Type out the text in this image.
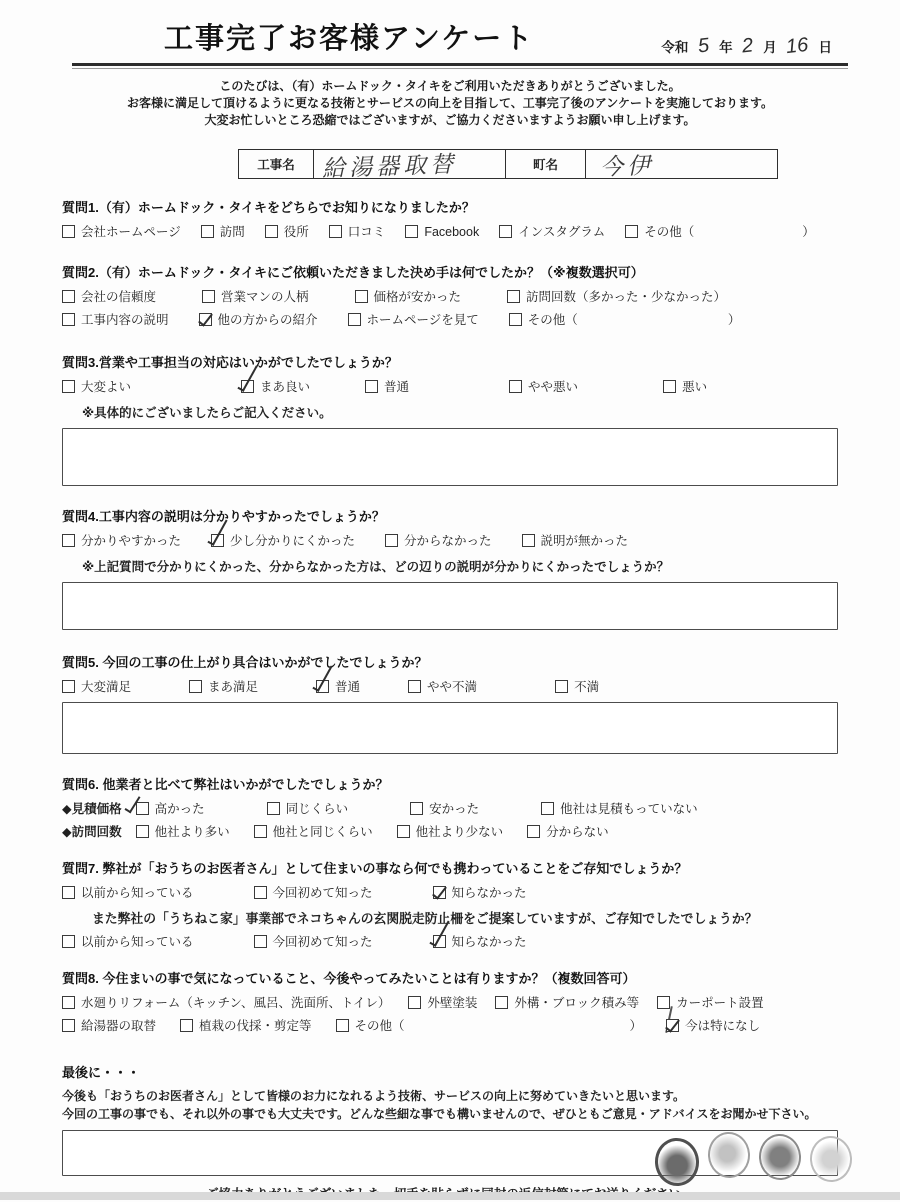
工事完了お客様アンケート	令和 5 年 2 月 16 日
このたびは、（有）ホームドック・タイキをご利用いただきありがとうございました。
お客様に満足して頂けるように更なる技術とサービスの向上を目指して、工事完了後のアンケートを実施しております。
大変お忙しいところ恐縮ではございますが、ご協力くださいますようお願い申し上げます。
工事名	給湯器取替	町名	今伊
質問1.（有）ホームドック・タイキをどちらでお知りになりましたか？
会社ホームページ	訪問	役所	口コミ	Facebook	インスタグラム	その他（	）
質問2.（有）ホームドック・タイキにご依頼いただきました決め手は何でしたか？（※複数選択可）
会社の信頼度	営業マンの人柄	価格が安かった	訪問回数（多かった・少なかった）
工事内容の説明	他の方からの紹介	ホームページを見て	その他（	）
質問3.営業や工事担当の対応はいかがでしたでしょうか？
大変よい	まあ良い	普通	やや悪い	悪い
※具体的にございましたらご記入ください。
質問4.工事内容の説明は分かりやすかったでしょうか？
分かりやすかった	少し分かりにくかった	分からなかった	説明が無かった
※上記質問で分かりにくかった、分からなかった方は、どの辺りの説明が分かりにくかったでしょうか？
質問5. 今回の工事の仕上がり具合はいかがでしたでしょうか？
大変満足	まあ満足	普通	やや不満	不満
質問6. 他業者と比べて弊社はいかがでしたでしょうか？
◆見積価格	高かった	同じくらい	安かった	他社は見積もっていない
◆訪問回数	他社より多い	他社と同じくらい	他社より少ない	分からない
質問7. 弊社が「おうちのお医者さん」として住まいの事なら何でも携わっていることをご存知でしょうか？
以前から知っている	今回初めて知った	知らなかった
また弊社の「うちねこ家」事業部でネコちゃんの玄関脱走防止柵をご提案していますが、ご存知でしたでしょうか？
以前から知っている	今回初めて知った	知らなかった
質問8. 今住まいの事で気になっていること、今後やってみたいことは有りますか？（複数回答可）
水廻りリフォーム（キッチン、風呂、洗面所、トイレ）	外壁塗装	外構・ブロック積み等	カーポート設置
給湯器の取替	植栽の伐採・剪定等	その他（	）	今は特になし
最後に・・・
今後も「おうちのお医者さん」として皆様のお力になれるよう技術、サービスの向上に努めていきたいと思います。
今回の工事の事でも、それ以外の事でも大丈夫です。どんな些細な事でも構いませんので、ぜひともご意見・アドバイスをお聞かせ下さい。
